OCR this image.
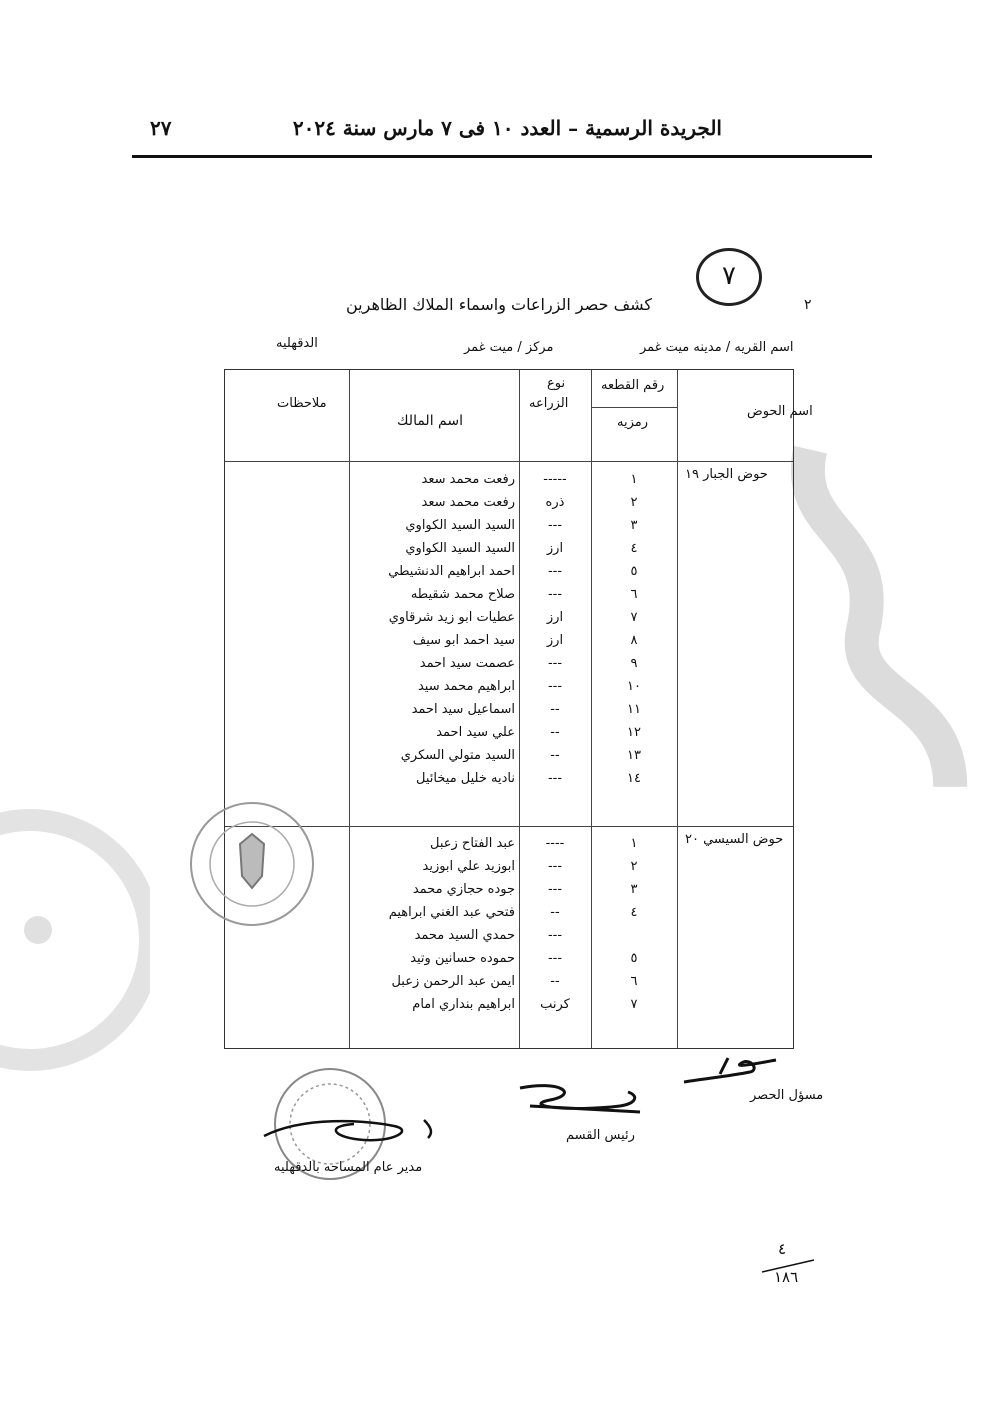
٢٧	الجريدة الرسمية – العدد ١٠ فى ٧ مارس سنة ٢٠٢٤
٧
٢
كشف حصر الزراعات واسماء الملاك الظاهرين
اسم القريه / مدينه ميت غمر
مركز / ميت غمر
الدقهليه
اسم الحوض
رقم القطعه
رمزيه
نوع
الزراعه
اسم المالك
ملاحظات
حوض الجبار ١٩
حوض السيسي ٢٠
١
-----
رفعت محمد سعد
٢
ذره
رفعت محمد سعد
٣
---
السيد السيد الكواوي
٤
ارز
السيد السيد الكواوي
٥
---
احمد ابراهيم الدنشيطي
٦
---
صلاح محمد شقيطه
٧
ارز
عطيات ابو زيد شرقاوي
٨
ارز
سيد احمد ابو سيف
٩
---
عصمت سيد احمد
١٠
---
ابراهيم محمد سيد
١١
--
اسماعيل سيد احمد
١٢
--
علي سيد احمد
١٣
--
السيد متولي السكري
١٤
---
ناديه خليل ميخائيل
١
----
عبد الفتاح زعبل
٢
---
ابوزيد علي ابوزيد
٣
---
جوده حجازي محمد
٤
--
فتحي عبد الغني ابراهيم
---
حمدي السيد محمد
٥
---
حموده حسانين وتيد
٦
--
ايمن عبد الرحمن زعبل
٧
كرنب
ابراهيم بنداري امام
مسؤل الحصر
رئيس القسم
مدير عام المساحه بالدقهليه
٤
١٨٦
